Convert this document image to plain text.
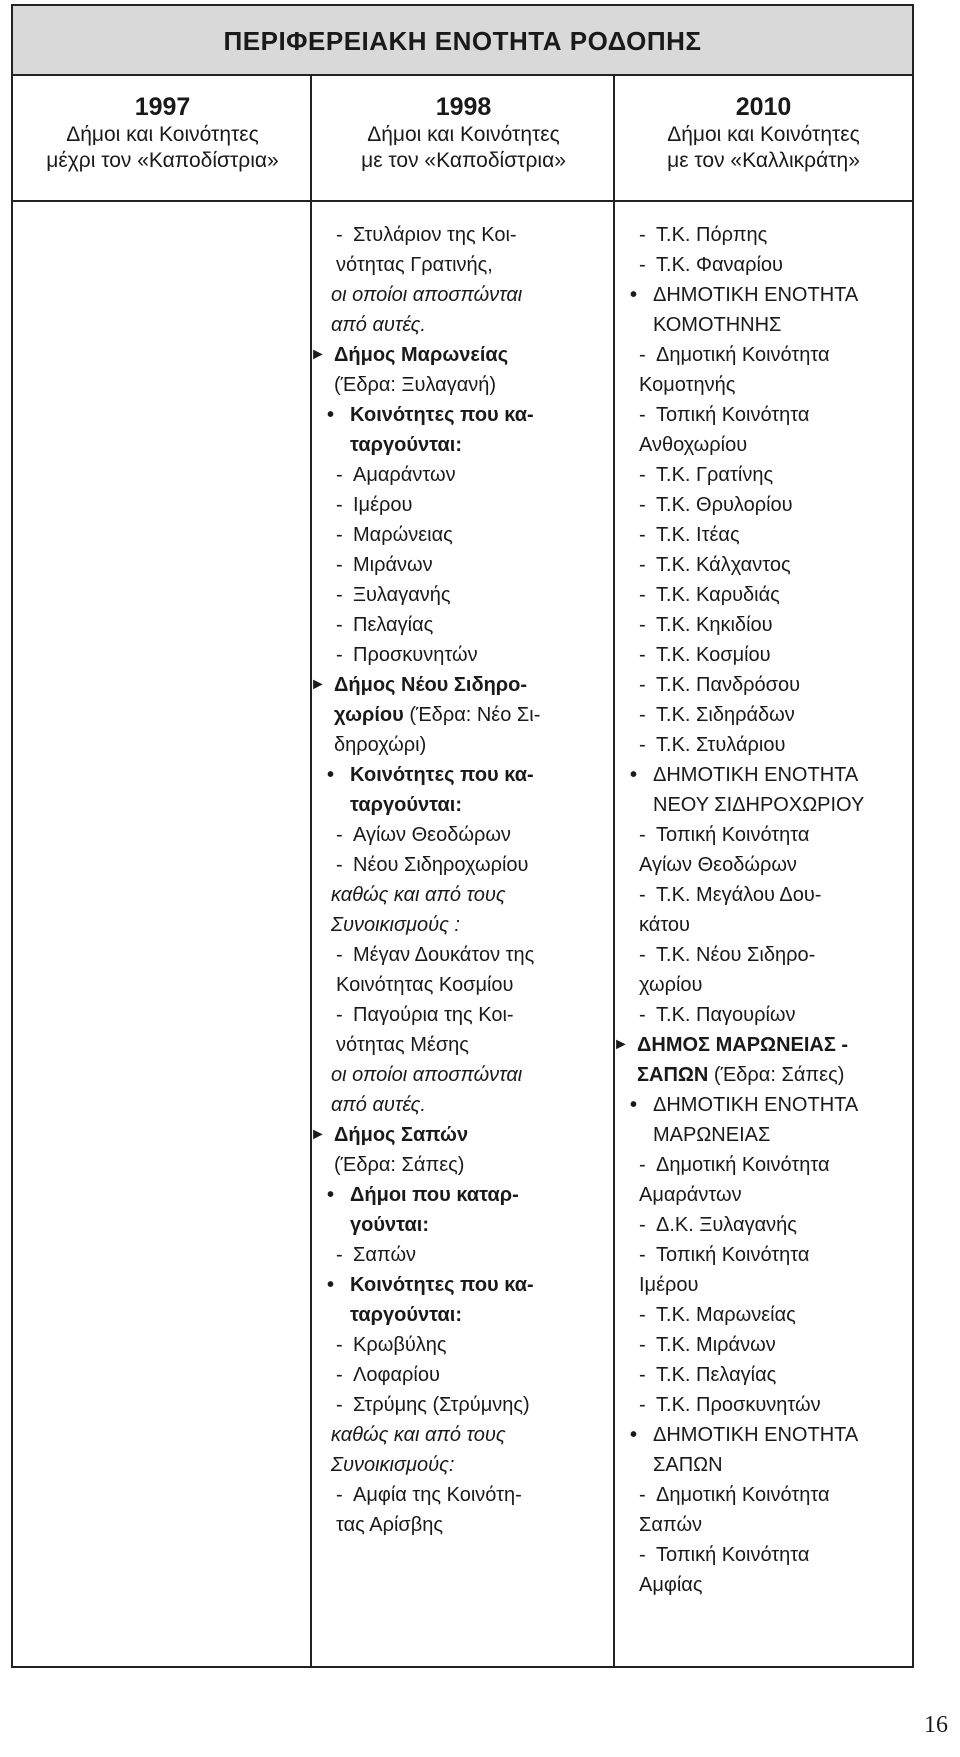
ΠΕΡΙΦΕΡΕΙΑΚΗ ΕΝΟΤΗΤΑ ΡΟΔΟΠΗΣ
1997
Δήμοι και Κοινότητες
μέχρι τον «Καποδίστρια»
1998
Δήμοι και Κοινότητες
με τον «Καποδίστρια»
2010
Δήμοι και Κοινότητες
με τον «Καλλικράτη»
- Στυλάριον της Κοι-
νότητας Γρατινής,
οι οποίοι αποσπώνται
από αυτές.
► Δήμος Μαρωνείας
(Έδρα: Ξυλαγανή)
• Κοινότητες που κα-
ταργούνται:
- Αμαράντων
- Ιμέρου
- Μαρώνειας
- Μιράνων
- Ξυλαγανής
- Πελαγίας
- Προσκυνητών
► Δήμος Νέου Σιδηρο-
χωρίου (Έδρα: Νέο Σι-
δηροχώρι)
• Κοινότητες που κα-
ταργούνται:
- Αγίων Θεοδώρων
- Νέου Σιδηροχωρίου
καθώς και από τους
Συνοικισμούς :
- Μέγαν Δουκάτον της
Κοινότητας Κοσμίου
- Παγούρια της Κοι-
νότητας Μέσης
οι οποίοι αποσπώνται
από αυτές.
► Δήμος Σαπών
(Έδρα: Σάπες)
• Δήμοι που καταρ-
γούνται:
- Σαπών
• Κοινότητες που κα-
ταργούνται:
- Κρωβύλης
- Λοφαρίου
- Στρύμης (Στρύμνης)
καθώς και από τους
Συνοικισμούς:
- Αμφία της Κοινότη-
τας Αρίσβης
- Τ.Κ. Πόρπης
- Τ.Κ. Φαναρίου
• ΔΗΜΟΤΙΚΗ ΕΝΟΤΗΤΑ
ΚΟΜΟΤΗΝΗΣ
- Δημοτική Κοινότητα
Κομοτηνής
- Τοπική Κοινότητα
Ανθοχωρίου
- Τ.Κ. Γρατίνης
- Τ.Κ. Θρυλορίου
- Τ.Κ. Ιτέας
- Τ.Κ. Κάλχαντος
- Τ.Κ. Καρυδιάς
- Τ.Κ. Κηκιδίου
- Τ.Κ. Κοσμίου
- Τ.Κ. Πανδρόσου
- Τ.Κ. Σιδηράδων
- Τ.Κ. Στυλάριου
• ΔΗΜΟΤΙΚΗ ΕΝΟΤΗΤΑ
ΝΕΟΥ ΣΙΔΗΡΟΧΩΡΙΟΥ
- Τοπική Κοινότητα
Αγίων Θεοδώρων
- Τ.Κ. Μεγάλου Δου-
κάτου
- Τ.Κ. Νέου Σιδηρο-
χωρίου
- Τ.Κ. Παγουρίων
► ΔΗΜΟΣ ΜΑΡΩΝΕΙΑΣ -
ΣΑΠΩΝ (Έδρα: Σάπες)
• ΔΗΜΟΤΙΚΗ ΕΝΟΤΗΤΑ
ΜΑΡΩΝΕΙΑΣ
- Δημοτική Κοινότητα
Αμαράντων
- Δ.Κ. Ξυλαγανής
- Τοπική Κοινότητα
Ιμέρου
- Τ.Κ. Μαρωνείας
- Τ.Κ. Μιράνων
- Τ.Κ. Πελαγίας
- Τ.Κ. Προσκυνητών
• ΔΗΜΟΤΙΚΗ ΕΝΟΤΗΤΑ
ΣΑΠΩΝ
- Δημοτική Κοινότητα
Σαπών
- Τοπική Κοινότητα
Αμφίας
16
